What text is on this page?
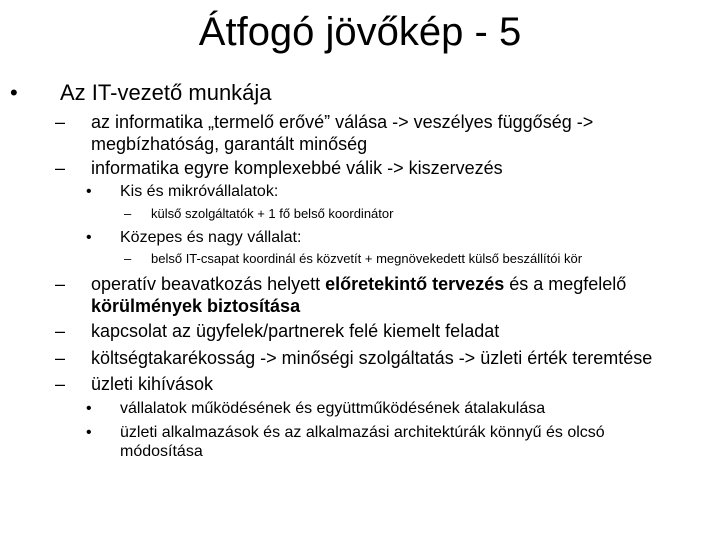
Átfogó jövőkép - 5
• Az IT-vezető munkája
– az informatika „termelő erővé” válása -> veszélyes függőség ->
megbízhatóság, garantált minőség
– informatika egyre komplexebbé válik -> kiszervezés
• Kis és mikróvállalatok:
– külső szolgáltatók + 1 fő belső koordinátor
• Közepes és nagy vállalat:
– belső IT-csapat koordinál és közvetít + megnövekedett külső beszállítói kör
– operatív beavatkozás helyett előretekintő tervezés és a megfelelő
körülmények biztosítása
– kapcsolat az ügyfelek/partnerek felé kiemelt feladat
– költségtakarékosság -> minőségi szolgáltatás -> üzleti érték teremtése
– üzleti kihívások
• vállalatok működésének és együttműködésének átalakulása
• üzleti alkalmazások és az alkalmazási architektúrák könnyű és olcsó
módosítása
